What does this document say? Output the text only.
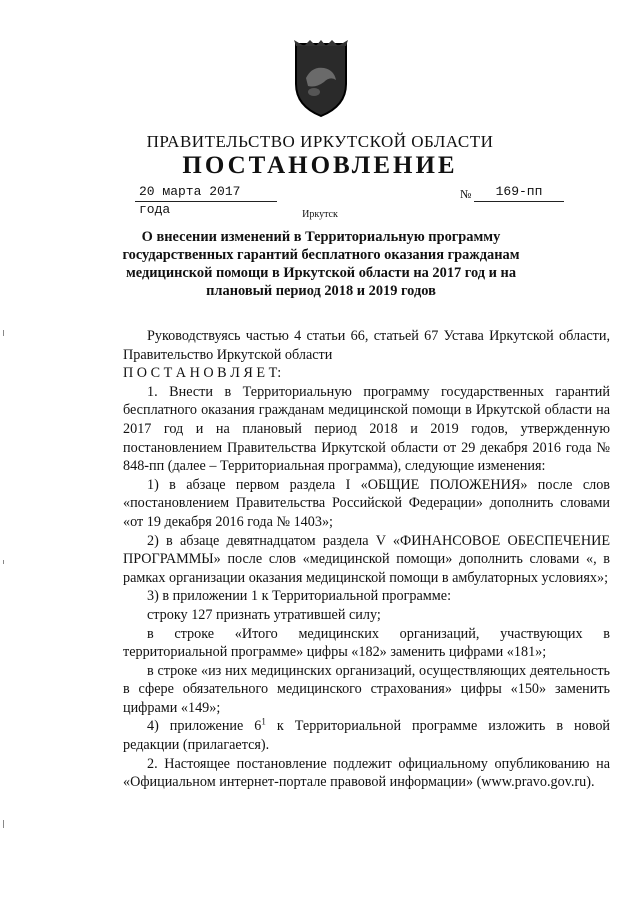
ПРАВИТЕЛЬСТВО ИРКУТСКОЙ ОБЛАСТИ
ПОСТАНОВЛЕНИЕ
20 марта 2017 года
№	169-пп
Иркутск
О внесении изменений в Территориальную программу государственных гарантий бесплатного оказания гражданам медицинской помощи в Иркутской области на 2017 год и на плановый период 2018 и 2019 годов

Руководствуясь частью 4 статьи 66, статьей 67 Устава Иркутской области, Правительство Иркутской области

П О С Т А Н О В Л Я Е Т:

1. Внести в Территориальную программу государственных гарантий бесплатного оказания гражданам медицинской помощи в Иркутской области на 2017 год и на плановый период 2018 и 2019 годов, утвержденную постановлением Правительства Иркутской области от 29 декабря 2016 года № 848-пп (далее – Территориальная программа), следующие изменения:

1) в абзаце первом раздела I «ОБЩИЕ ПОЛОЖЕНИЯ» после слов «постановлением Правительства Российской Федерации» дополнить словами «от 19 декабря 2016 года № 1403»;

2) в абзаце девятнадцатом раздела V «ФИНАНСОВОЕ ОБЕСПЕЧЕНИЕ ПРОГРАММЫ» после слов «медицинской помощи» дополнить словами «, в рамках организации оказания медицинской помощи в амбулаторных условиях»;

3) в приложении 1 к Территориальной программе:

строку 127 признать утратившей силу;

в строке «Итого медицинских организаций, участвующих в территориальной программе» цифры «182» заменить цифрами «181»;

в строке «из них медицинских организаций, осуществляющих деятельность в сфере обязательного медицинского страхования» цифры «150» заменить цифрами «149»;

4) приложение $6^1$ к Территориальной программе изложить в новой редакции (прилагается).

2. Настоящее постановление подлежит официальному опубликованию на «Официальном интернет-портале правовой информации» (www.pravo.gov.ru).
